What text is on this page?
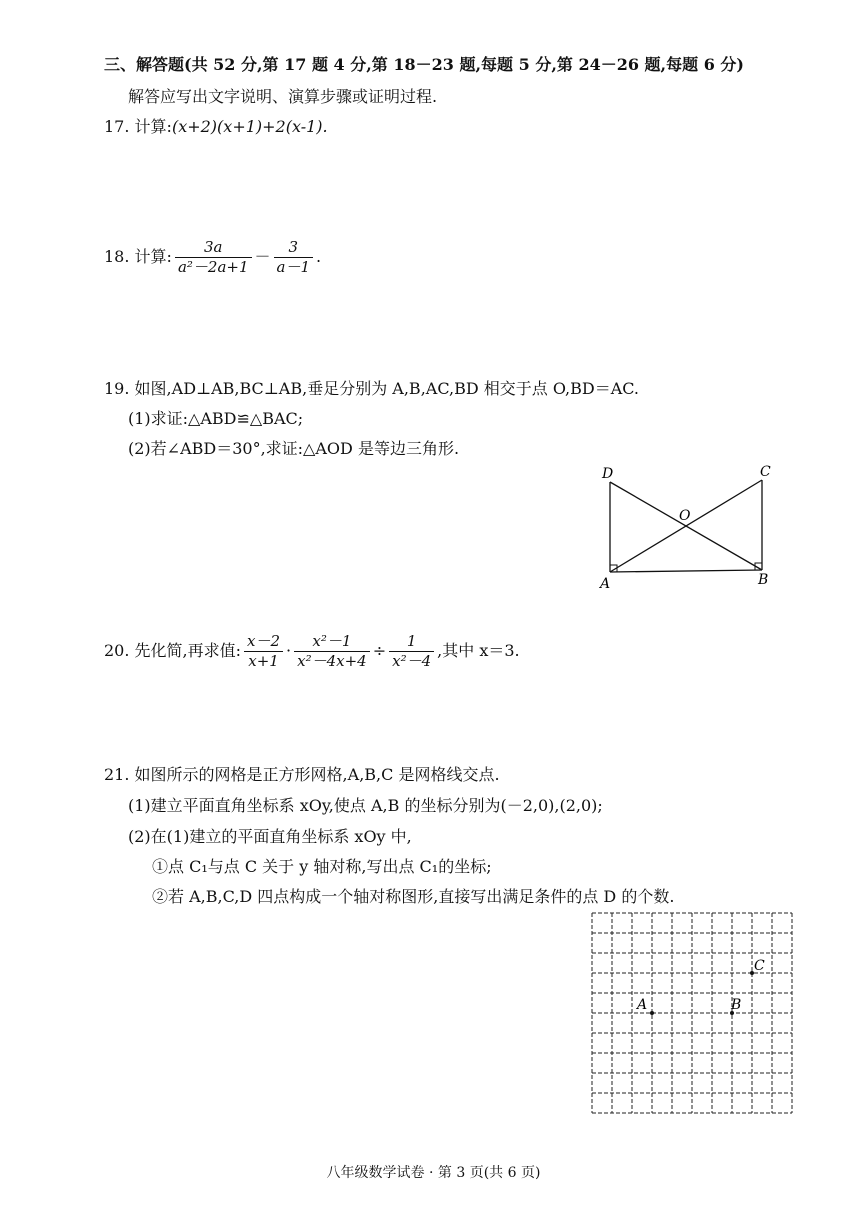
三、解答题(共 52 分,第 17 题 4 分,第 18－23 题,每题 5 分,第 24－26 题,每题 6 分)
解答应写出文字说明、演算步骤或证明过程.
17. 计算:(x+2)(x+1)+2(x-1).
18. 计算: $\frac{3a}{\text{a²－2a+1}} - \frac{3}{a-1}$ .
19. 如图,AD⊥AB,BC⊥AB,垂足分别为 A,B,AC,BD 相交于点 O,BD＝AC.
(1)求证:△ABD≌△BAC;
(2)若∠ABD＝30°,求证:△AOD 是等边三角形.
D	C
O
A	B
20. 先化简,再求值: $\frac{x-2}{x+1} \cdot \frac{\text{x²－1}}{\text{x²－4x+4}} \div \frac{1}{\text{x²－4}}$ ,其中 x＝3.
21. 如图所示的网格是正方形网格,A,B,C 是网格线交点.
(1)建立平面直角坐标系 xOy,使点 A,B 的坐标分别为(－2,0),(2,0);
(2)在(1)建立的平面直角坐标系 xOy 中,
①点 C₁与点 C 关于 y 轴对称,写出点 C₁的坐标;
②若 A,B,C,D 四点构成一个轴对称图形,直接写出满足条件的点 D 的个数.
A	B
C
八年级数学试卷 · 第 3 页(共 6 页)
